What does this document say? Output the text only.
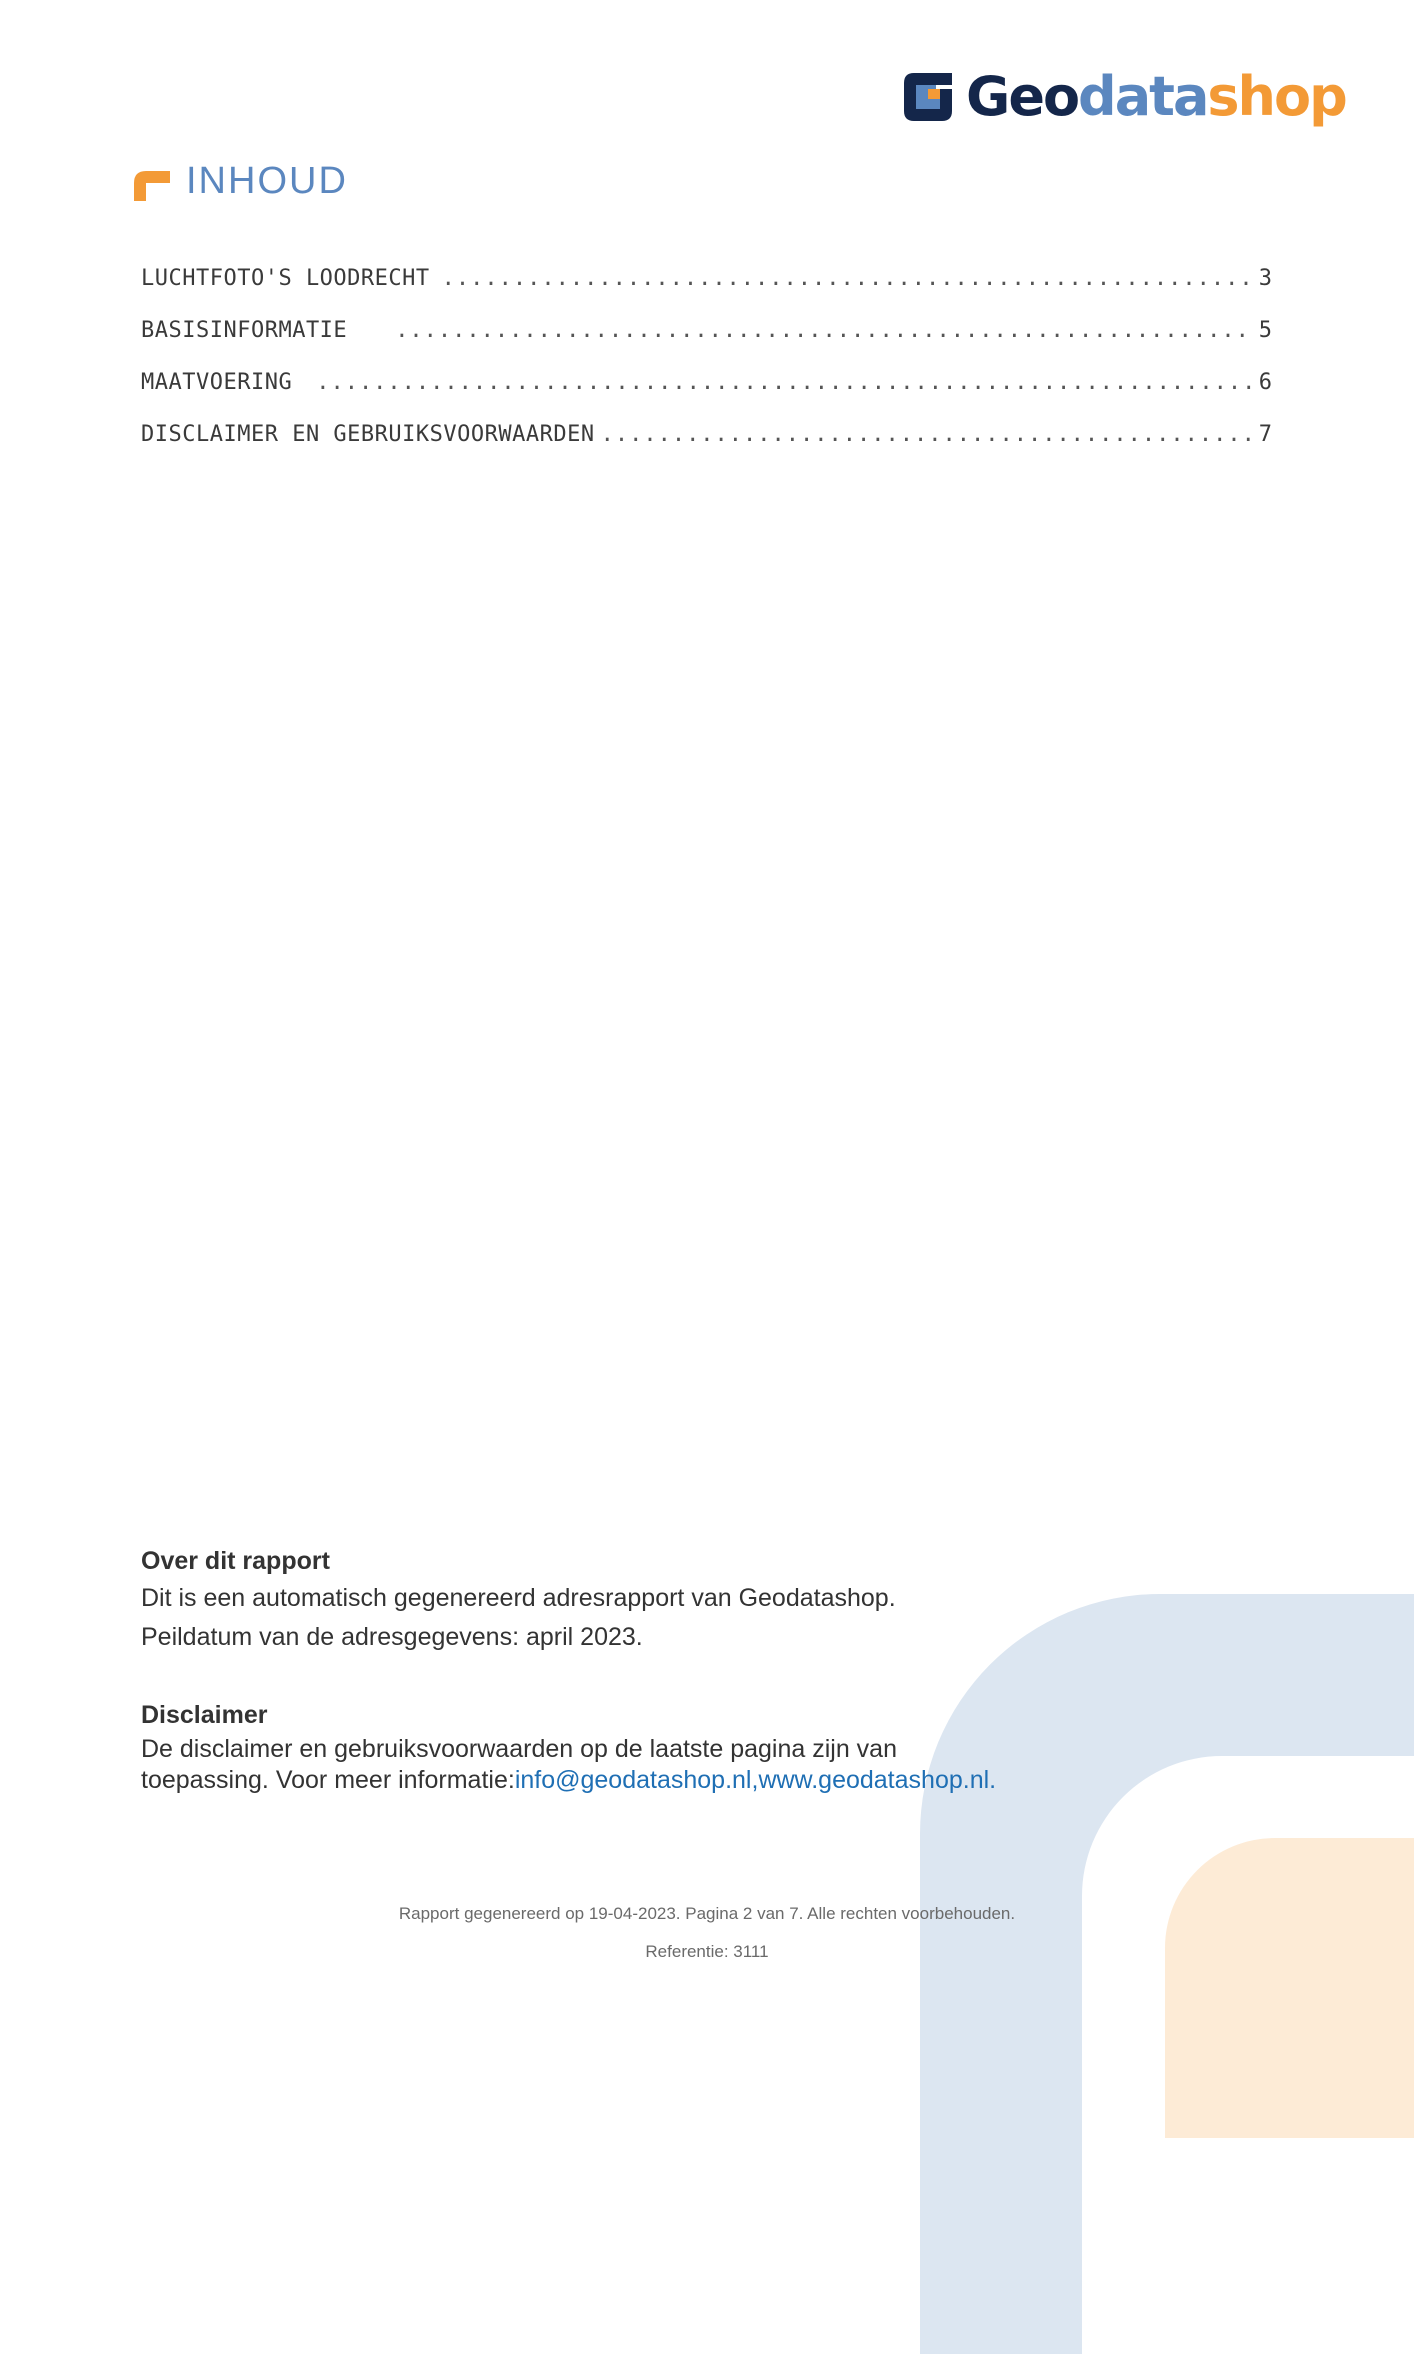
Geodatashop
INHOUD
LUCHTFOTO'S LOODRECHT .....	3
BASISINFORMATIE .....	5
MAATVOERING .....	6
DISCLAIMER EN GEBRUIKSVOORWAARDEN .....	7
Over dit rapport

Dit is een automatisch gegenereerd adresrapport van Geodatashop.

Peildatum van de adresgegevens: april 2023.

Disclaimer

De disclaimer en gebruiksvoorwaarden op de laatste pagina zijn van

toepassing. Voor meer informatie:info@geodatashop.nl,www.geodatashop.nl.

Rapport gegenereerd op 19-04-2023. Pagina 2 van 7. Alle rechten voorbehouden.
Referentie: 3111
